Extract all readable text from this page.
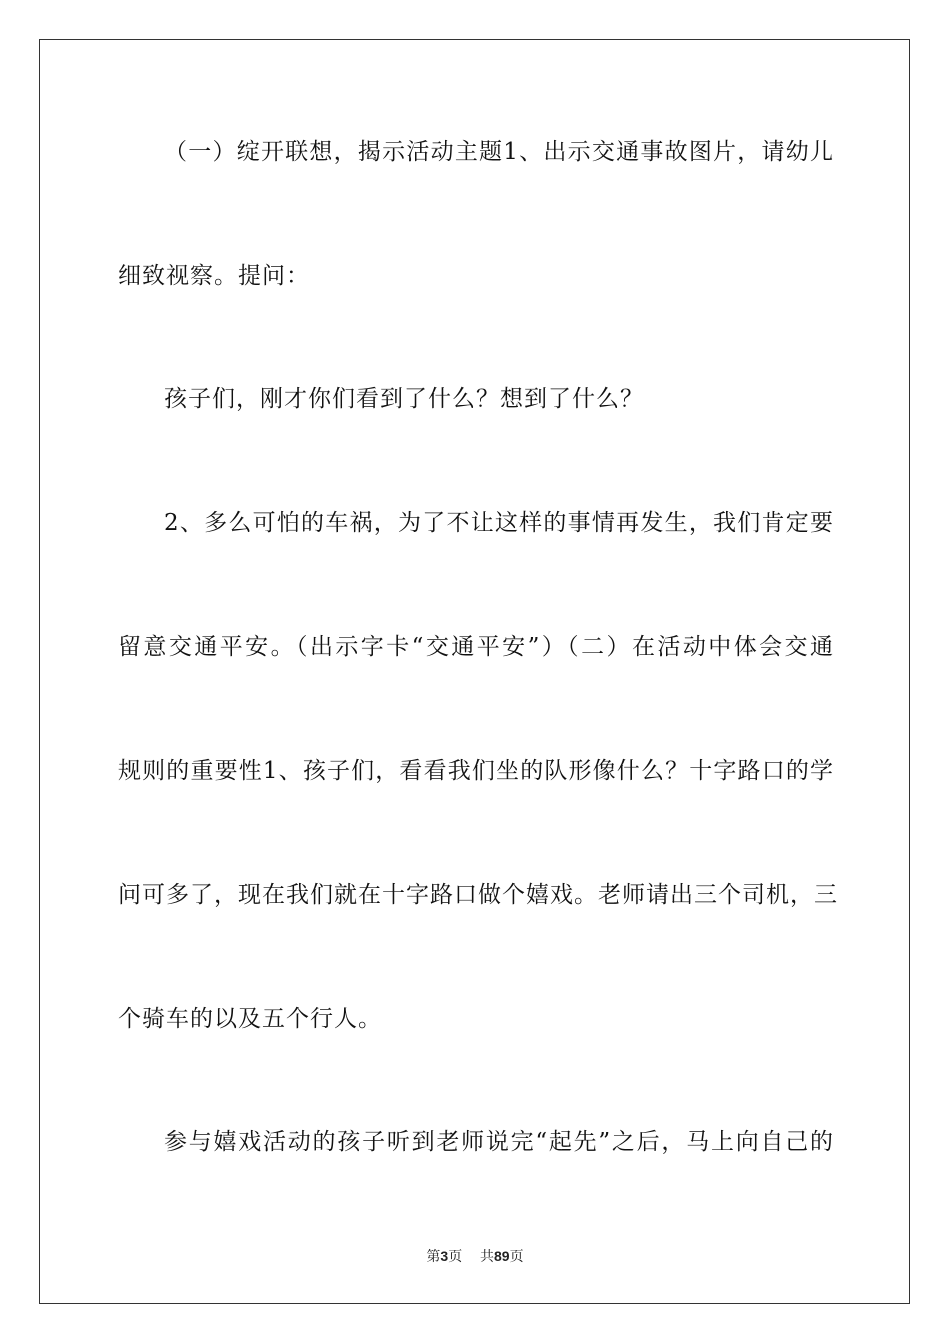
（一）绽开联想，揭示活动主题1、出示交通事故图片，请幼儿
细致视察。提问：
孩子们，刚才你们看到了什么？想到了什么？
2、多么可怕的车祸，为了不让这样的事情再发生，我们肯定要
留意交通平安。（出示字卡“交通平安”）（二）在活动中体会交通
规则的重要性1、孩子们，看看我们坐的队形像什么？十字路口的学
问可多了，现在我们就在十字路口做个嬉戏。老师请出三个司机，三
个骑车的以及五个行人。
参与嬉戏活动的孩子听到老师说完“起先”之后，马上向自己的
第3页 共89页
